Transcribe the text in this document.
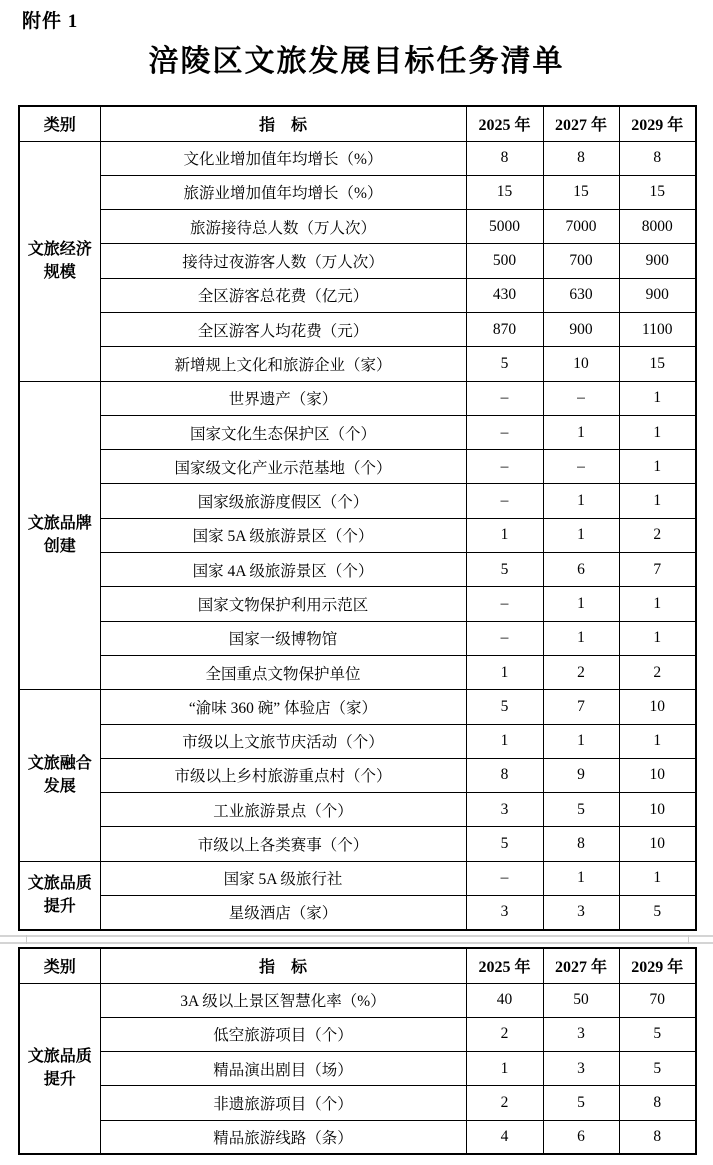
附件 1
涪陵区文旅发展目标任务清单
类别	指　标	2025 年	2027 年	2029 年

文旅经济
规模	文化业增加值年均增长（%）	8	8	8
	旅游业增加值年均增长（%）	15	15	15
	旅游接待总人数（万人次）	5000	7000	8000
	接待过夜游客人数（万人次）	500	700	900
	全区游客总花费（亿元）	430	630	900
	全区游客人均花费（元）	870	900	1100
	新增规上文化和旅游企业（家）	5	10	15

文旅品牌
创建	世界遗产（家）	–	–	1
	国家文化生态保护区（个）	–	1	1
	国家级文化产业示范基地（个）	–	–	1
	国家级旅游度假区（个）	–	1	1
	国家 5A 级旅游景区（个）	1	1	2
	国家 4A 级旅游景区（个）	5	6	7
	国家文物保护利用示范区	–	1	1
	国家一级博物馆	–	1	1
	全国重点文物保护单位	1	2	2

文旅融合
发展	“渝味 360 碗” 体验店（家）	5	7	10
	市级以上文旅节庆活动（个）	1	1	1
	市级以上乡村旅游重点村（个）	8	9	10
	工业旅游景点（个）	3	5	10
	市级以上各类赛事（个）	5	8	10

文旅品质
提升	国家 5A 级旅行社	–	1	1
	星级酒店（家）	3	3	5
类别	指　标	2025 年	2027 年	2029 年

文旅品质
提升	3A 级以上景区智慧化率（%）	40	50	70
	低空旅游项目（个）	2	3	5
	精品演出剧目（场）	1	3	5
	非遗旅游项目（个）	2	5	8
	精品旅游线路（条）	4	6	8
